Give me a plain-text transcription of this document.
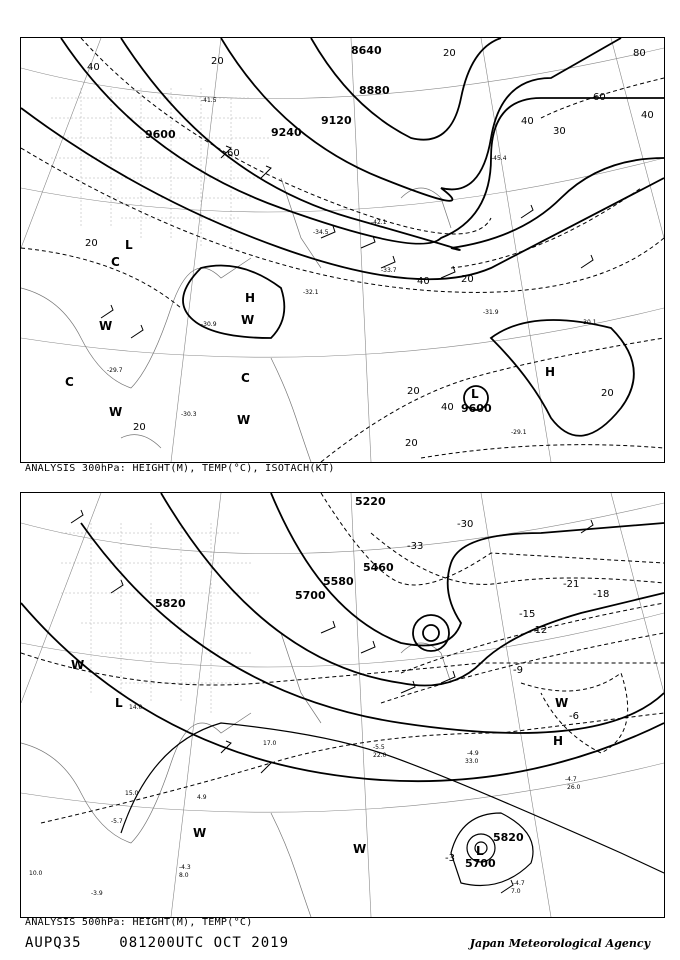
8640
8880
9120
9240
9600
9600
40
20
60
80
60
40
30
20
40
20
40	20
20	20
40
20
20
-45.4
-42.1
-32.1
-31.9
-30.1
-29.7
-29.1
-30.3
-33.7
-41.5
-34.5
-30.9
L
C
H
W
W
W
C	C
W
H
L
ANALYSIS 300hPa: HEIGHT(M), TEMP(°C), ISOTACH(KT)
5220
5460
5580
5700
5820
5820
5700
-33
-30
-21
-18
-15
-12
-9
-6
-3
-4.9
-4.7
-5.5
-5.7
-4.7
-3.9
-4.3
33.0
26.0
22.0
17.0
7.0
8.0
10.0
15.0
4.9
14.0
L
W
W
W
W
H
L
ANALYSIS 500hPa: HEIGHT(M), TEMP(°C)
AUPQ35    081200UTC OCT 2019	Japan Meteorological Agency
